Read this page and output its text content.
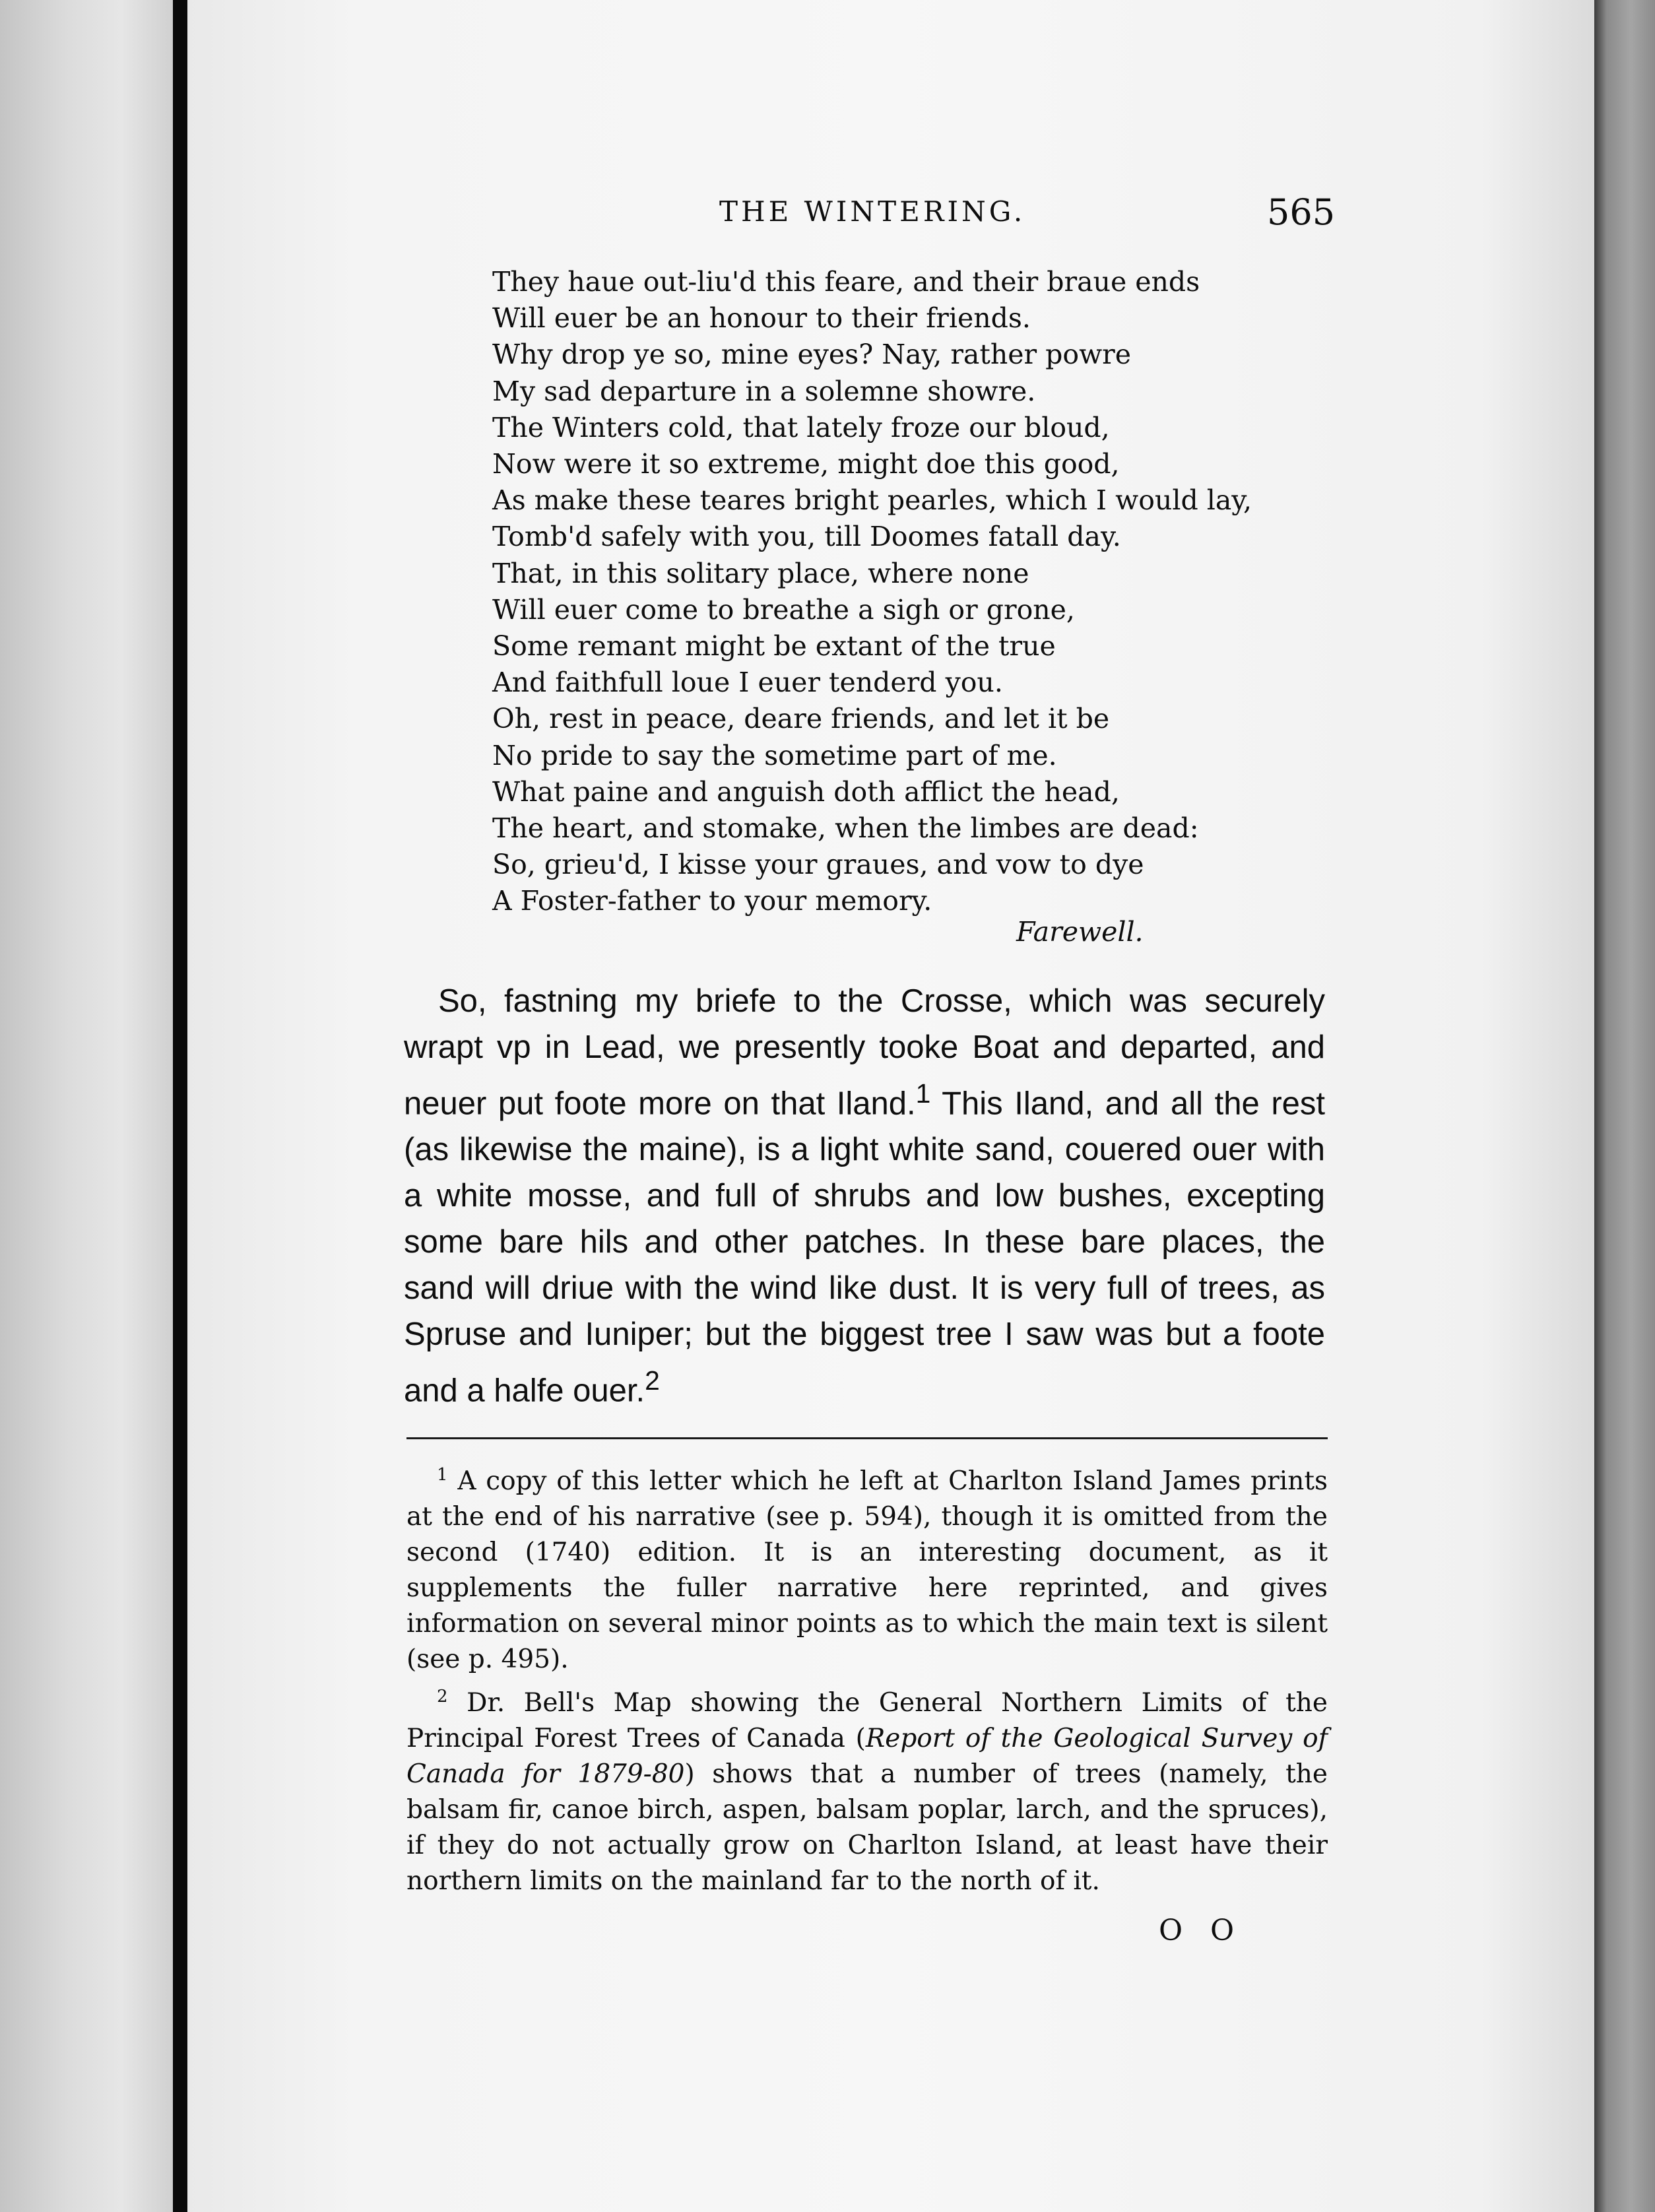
THE WINTERING.	565
They haue out-liu'd this feare, and their braue ends
Will euer be an honour to their friends.
Why drop ye so, mine eyes? Nay, rather powre
My sad departure in a solemne showre.
The Winters cold, that lately froze our bloud,
Now were it so extreme, might doe this good,
As make these teares bright pearles, which I would lay,
Tomb'd safely with you, till Doomes fatall day.
That, in this solitary place, where none
Will euer come to breathe a sigh or grone,
Some remant might be extant of the true
And faithfull loue I euer tenderd you.
Oh, rest in peace, deare friends, and let it be
No pride to say the sometime part of me.
What paine and anguish doth afflict the head,
The heart, and stomake, when the limbes are dead:
So, grieu'd, I kisse your graues, and vow to dye
A Foster-father to your memory.
Farewell.
So, fastning my briefe to the Crosse, which was securely wrapt vp in Lead, we presently tooke Boat and departed, and neuer put foote more on that Iland.$^1$ This Iland, and all the rest (as likewise the maine), is a light white sand, couered ouer with a white mosse, and full of shrubs and low bushes, excepting some bare hils and other patches. In these bare places, the sand will driue with the wind like dust. It is very full of trees, as Spruse and Iuniper; but the biggest tree I saw was but a foote and a halfe ouer.$^2$

$^1$ A copy of this letter which he left at Charlton Island James prints at the end of his narrative (see p. 594), though it is omitted from the second (1740) edition. It is an interesting document, as it supplements the fuller narrative here reprinted, and gives information on several minor points as to which the main text is silent (see p. 495).

$^2$ Dr. Bell's Map showing the General Northern Limits of the Principal Forest Trees of Canada (Report of the Geological Survey of Canada for 1879-80) shows that a number of trees (namely, the balsam fir, canoe birch, aspen, balsam poplar, larch, and the spruces), if they do not actually grow on Charlton Island, at least have their northern limits on the mainland far to the north of it.

O O
